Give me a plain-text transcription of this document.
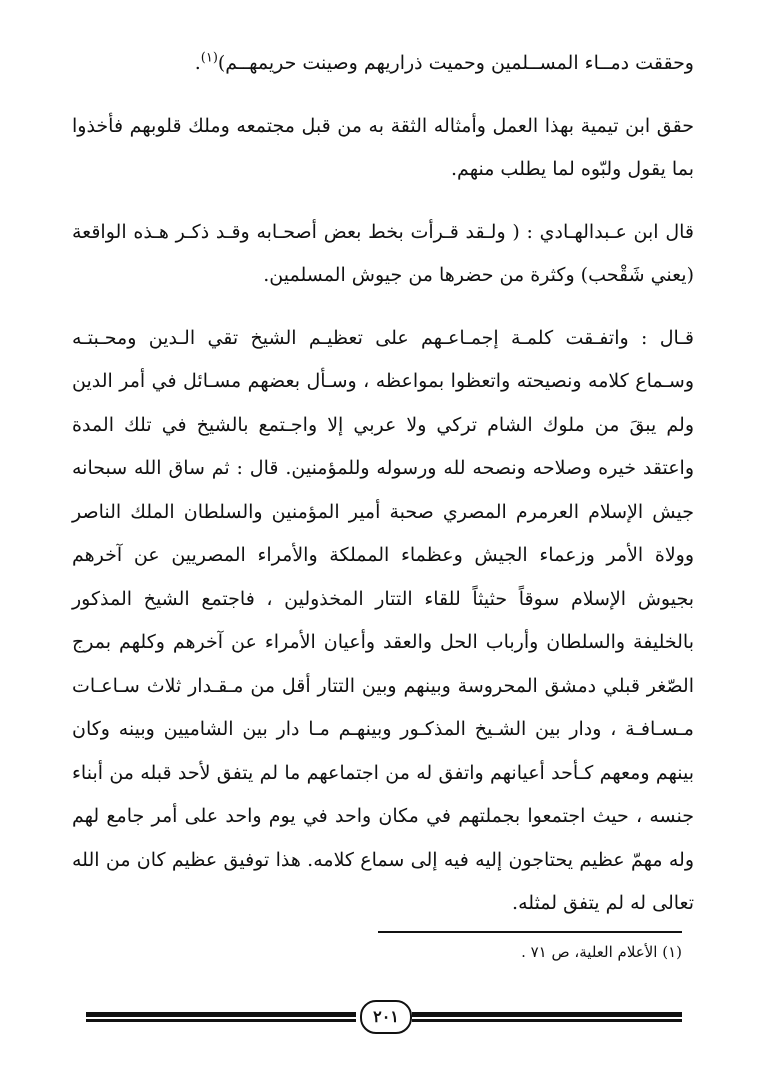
وحققت دمــاء المســلمين وحميت ذراريهم وصينت حريمهــم)$^{(١)}$.

حقق ابن تيمية بهذا العمل وأمثاله الثقة به من قبل مجتمعه وملك قلوبهم فأخذوا بما يقول ولبّوه لما يطلب منهم.

قال ابن عـبدالهـادي : ( ولـقد قـرأت بخط بعض أصحـابه وقـد ذكـر هـذه الواقعة (يعني شَقْحب) وكثرة من حضرها من جيوش المسلمين.

قـال : واتفـقت كلمـة إجمـاعـهم على تعظيـم الشيخ تقي الـدين ومحـبتـه وسـماع كلامه ونصيحته واتعظوا بمواعظه ، وسـأل بعضهم مسـائل في أمر الدين ولم يبقَ من ملوك الشام تركي ولا عربي إلا واجـتمع بالشيخ في تلك المدة واعتقد خيره وصلاحه ونصحه لله ورسوله وللمؤمنين. قال : ثم ساق الله سبحانه جيش الإسلام العرمرم المصري صحبة أمير المؤمنين والسلطان الملك الناصر وولاة الأمر وزعماء الجيش وعظماء المملكة والأمراء المصريين عن آخرهم بجيوش الإسلام سوقاً حثيثاً للقاء التتار المخذولين ، فاجتمع الشيخ المذكور بالخليفة والسلطان وأرباب الحل والعقد وأعيان الأمراء عن آخرهم وكلهم بمرج الصّغر قبلي دمشق المحروسة وبينهم وبين التتار أقل من مـقـدار ثلاث سـاعـات مـسـافـة ، ودار بين الشـيخ المذكـور وبينهـم مـا دار بين الشاميين وبينه وكان بينهم ومعهم كـأحد أعيانهم واتفق له من اجتماعهم ما لم يتفق لأحد قبله من أبناء جنسه ، حيث اجتمعوا بجملتهم في مكان واحد في يوم واحد على أمر جامع لهم وله مهمّ عظيم يحتاجون إليه فيه إلى سماع كلامه. هذا توفيق عظيم كان من الله تعالى له لم يتفق لمثله.

(١) الأعلام العلية، ص ٧١ .
٢٠١
